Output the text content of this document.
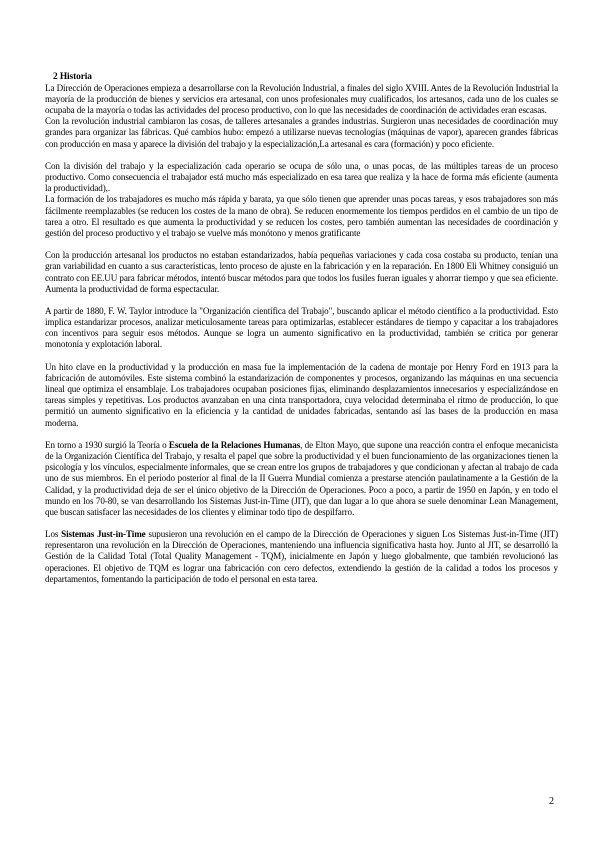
2 Historia

La Dirección de Operaciones empieza a desarrollarse con la Revolución Industrial, a finales del siglo XVIII. Antes de la Revolución Industrial la mayoría de la producción de bienes y servicios era artesanal, con unos profesionales muy cualificados, los artesanos, cada uno de los cuales se ocupaba de la mayoría o todas las actividades del proceso productivo, con lo que las necesidades de coordinación de actividades eran escasas.

Con la revolución industrial cambiaron las cosas, de talleres artesanales a grandes industrias. Surgieron unas necesidades de coordinación muy grandes para organizar las fábricas. Qué cambios hubo: empezó a utilizarse nuevas tecnologías (máquinas de vapor), aparecen grandes fábricas con producción en masa y aparece la división del trabajo y la especialización,La artesanal es cara (formación) y poco eficiente.

Con la división del trabajo y la especialización cada operario se ocupa de sólo una, o unas pocas, de las múltiples tareas de un proceso productivo. Como consecuencia el trabajador está mucho más especializado en esa tarea que realiza y la hace de forma más eficiente (aumenta la productividad),.

La formación de los trabajadores es mucho más rápida y barata, ya que sólo tienen que aprender unas pocas tareas, y esos trabajadores son más fácilmente reemplazables (se reducen los costes de la mano de obra). Se reducen enormemente los tiempos perdidos en el cambio de un tipo de tarea a otro. El resultado es que aumenta la productividad y se reducen los costes, pero también aumentan las necesidades de coordinación y gestión del proceso productivo y el trabajo se vuelve más monótono y menos gratificante

Con la producción artesanal los productos no estaban estandarizados, había pequeñas variaciones y cada cosa costaba su producto, tenían una gran variabilidad en cuanto a sus características, lento proceso de ajuste en la fabricación y en la reparación. En 1800 Eli Whitney consiguió un contrato con EE.UU para fabricar métodos, intentó buscar métodos para que todos los fusiles fueran iguales y ahorrar tiempo y que sea eficiente. Aumenta la productividad de forma espectacular.

A partir de 1880, F. W. Taylor introduce la "Organización científica del Trabajo", buscando aplicar el método científico a la productividad. Esto implica estandarizar procesos, analizar meticulosamente tareas para optimizarlas, establecer estándares de tiempo y capacitar a los trabajadores con incentivos para seguir esos métodos. Aunque se logra un aumento significativo en la productividad, también se critica por generar monotonía y explotación laboral.

Un hito clave en la productividad y la producción en masa fue la implementación de la cadena de montaje por Henry Ford en 1913 para la fabricación de automóviles. Este sistema combinó la estandarización de componentes y procesos, organizando las máquinas en una secuencia lineal que optimiza el ensamblaje. Los trabajadores ocupaban posiciones fijas, eliminando desplazamientos innecesarios y especializándose en tareas simples y repetitivas. Los productos avanzaban en una cinta transportadora, cuya velocidad determinaba el ritmo de producción, lo que permitió un aumento significativo en la eficiencia y la cantidad de unidades fabricadas, sentando así las bases de la producción en masa moderna.

En torno a 1930 surgió la Teoría o Escuela de la Relaciones Humanas, de Elton Mayo, que supone una reacción contra el enfoque mecanicista de la Organización Científica del Trabajo, y resalta el papel que sobre la productividad y el buen funcionamiento de las organizaciones tienen la psicología y los vínculos, especialmente informales, que se crean entre los grupos de trabajadores y que condicionan y afectan al trabajo de cada uno de sus miembros. En el periodo posterior al final de la II Guerra Mundial comienza a prestarse atención paulatinamente a la Gestión de la Calidad, y la productividad deja de ser el único objetivo de la Dirección de Operaciones. Poco a poco, a partir de 1950 en Japón, y en todo el mundo en los 70-80, se van desarrollando los Sistemas Just-in-Time (JIT), que dan lugar a lo que ahora se suele denominar Lean Management, que buscan satisfacer las necesidades de los clientes y eliminar todo tipo de despilfarro.

Los Sistemas Just-in-Time supusieron una revolución en el campo de la Dirección de Operaciones y siguen Los Sistemas Just-in-Time (JIT) representaron una revolución en la Dirección de Operaciones, manteniendo una influencia significativa hasta hoy. Junto al JIT, se desarrolló la Gestión de la Calidad Total (Total Quality Management - TQM), inicialmente en Japón y luego globalmente, que también revolucionó las operaciones. El objetivo de TQM es lograr una fabricación con cero defectos, extendiendo la gestión de la calidad a todos los procesos y departamentos, fomentando la participación de todo el personal en esta tarea.

2
